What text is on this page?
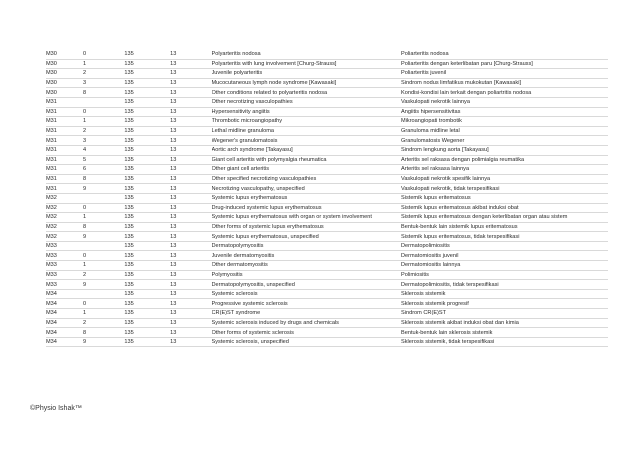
M30	0	135	13	Polyarteritis nodosa	Poliarteritis nodosa
M30	1	135	13	Polyarteritis with lung involvement [Churg-Strauss]	Poliarteritis dengan keterlibatan paru [Churg-Strauss]
M30	2	135	13	Juvenile polyarteritis	Poliarteritis juvenil
M30	3	135	13	Mucocutaneous lymph node syndrome [Kawasaki]	Sindrom nodus limfatikus mukokutan [Kawasaki]
M30	8	135	13	Other conditions related to polyarteritis nodosa	Kondisi-kondisi lain terkait dengan poliartritis nodosa
M31		135	13	Other necrotizing vasculopathies	Vaskulopati nekrotik lainnya
M31	0	135	13	Hypersensitivity angiitis	Angiitis hipersensitivitas
M31	1	135	13	Thrombotic microangiopathy	Mikroangiopati trombotik
M31	2	135	13	Lethal midline granuloma	Granuloma midline letal
M31	3	135	13	Wegener's granulomatosis	Granulomatosis Wegener
M31	4	135	13	Aortic arch syndrome [Takayasu]	Sindrom lengkung aorta [Takayasu]
M31	5	135	13	Giant cell arteritis with polymyalgia rheumatica	Arteritis sel raksasa dengan polimialgia reumatika
M31	6	135	13	Other giant cell arteritis	Arteritis sel raksasa lainnya
M31	8	135	13	Other specified necrotizing vasculopathies	Vaskulopati nekrotik spesifik lainnya
M31	9	135	13	Necrotizing vasculopathy, unspecified	Vaskulopati nekrotik, tidak terspesifikasi
M32		135	13	Systemic lupus erythematosus	Sistemik lupus eritematosus
M32	0	135	13	Drug-induced systemic lupus erythematosus	Sistemik lupus eritematosus akibat induksi obat
M32	1	135	13	Systemic lupus erythematosus with organ or system involvement	Sistemik lupus eritematosus dengan keterlibatan organ atau sistem
M32	8	135	13	Other forms of systemic lupus erythematosus	Bentuk-bentuk lain sistemik lupus eritematosus
M32	9	135	13	Systemic lupus erythematosus, unspecified	Sistemik lupus eritematosus, tidak terspesifikasi
M33		135	13	Dermatopolymyositis	Dermatopolimiositis
M33	0	135	13	Juvenile dermatomyositis	Dermatomiositis juvenil
M33	1	135	13	Other dermatomyositis	Dermatomiositis lainnya
M33	2	135	13	Polymyositis	Polimiositis
M33	9	135	13	Dermatopolymyositis, unspecified	Dermatopolimiositis, tidak terspesifikasi
M34		135	13	Systemic sclerosis	Sklerosis sistemik
M34	0	135	13	Progressive systemic sclerosis	Sklerosis sistemik progresif
M34	1	135	13	CR(E)ST syndrome	Sindrom CR(E)ST
M34	2	135	13	Systemic sclerosis induced by drugs and chemicals	Sklerosis sistemik akibat induksi obat dan kimia
M34	8	135	13	Other forms of systemic sclerosis	Bentuk-bentuk lain sklerosis sistemik
M34	9	135	13	Systemic sclerosis, unspecified	Sklerosis sistemik, tidak terspesifikasi
©Physio Ishak™
